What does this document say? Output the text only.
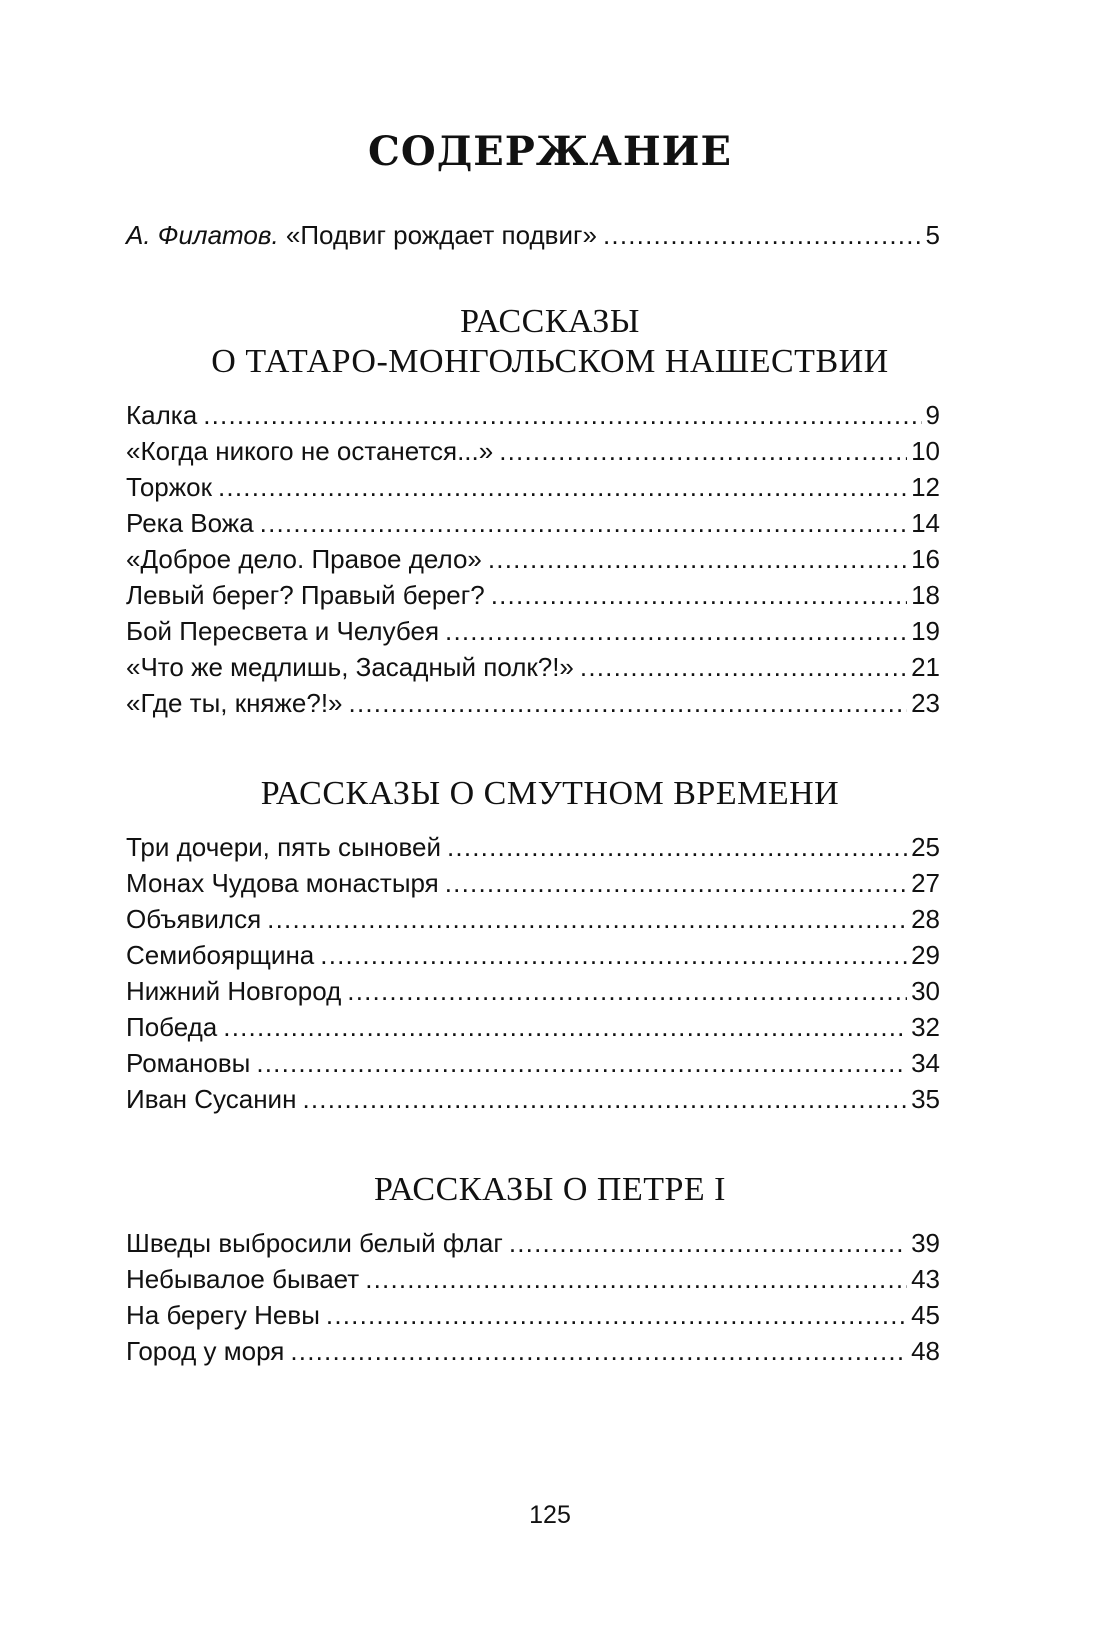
СОДЕРЖАНИЕ
А. Филатов. «Подвиг рождает подвиг» .....	5
РАССКАЗЫ
О ТАТАРО-МОНГОЛЬСКОМ НАШЕСТВИИ
Калка .....	9
«Когда никого не останется...» .....	10
Торжок .....	12
Река Вожа .....	14
«Доброе дело. Правое дело» .....	16
Левый берег? Правый берег? .....	18
Бой Пересвета и Челубея .....	19
«Что же медлишь, Засадный полк?!» .....	21
«Где ты, княже?!» .....	23
РАССКАЗЫ О СМУТНОМ ВРЕМЕНИ
Три дочери, пять сыновей .....	25
Монах Чудова монастыря .....	27
Объявился .....	28
Семибоярщина .....	29
Нижний Новгород .....	30
Победа .....	32
Романовы .....	34
Иван Сусанин .....	35
РАССКАЗЫ О ПЕТРЕ I
Шведы выбросили белый флаг .....	39
Небывалое бывает .....	43
На берегу Невы .....	45
Город у моря .....	48
125
